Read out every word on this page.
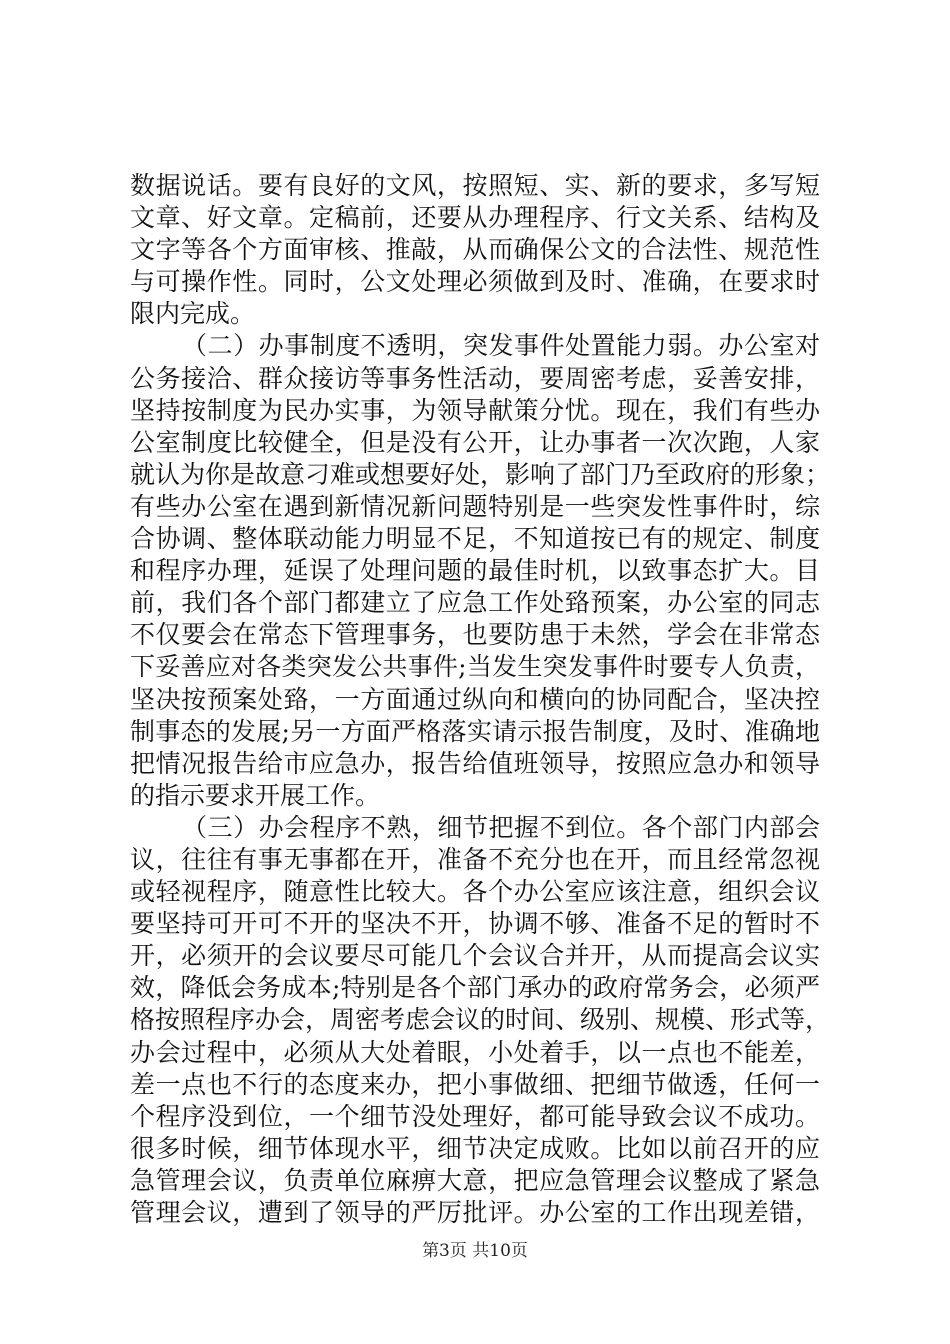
数据说话。要有良好的文风，按照短、实、新的要求，多写短
文章、好文章。定稿前，还要从办理程序、行文关系、结构及
文字等各个方面审核、推敲，从而确保公文的合法性、规范性
与可操作性。同时，公文处理必须做到及时、准确，在要求时
限内完成。
（二）办事制度不透明，突发事件处置能力弱。办公室对
公务接洽、群众接访等事务性活动，要周密考虑，妥善安排，
坚持按制度为民办实事，为领导献策分忧。现在，我们有些办
公室制度比较健全，但是没有公开，让办事者一次次跑，人家
就认为你是故意刁难或想要好处，影响了部门乃至政府的形象；
有些办公室在遇到新情况新问题特别是一些突发性事件时，综
合协调、整体联动能力明显不足，不知道按已有的规定、制度
和程序办理，延误了处理问题的最佳时机，以致事态扩大。目
前，我们各个部门都建立了应急工作处臵预案，办公室的同志
不仅要会在常态下管理事务，也要防患于未然，学会在非常态
下妥善应对各类突发公共事件;当发生突发事件时要专人负责，
坚决按预案处臵，一方面通过纵向和横向的协同配合，坚决控
制事态的发展;另一方面严格落实请示报告制度，及时、准确地
把情况报告给市应急办，报告给值班领导，按照应急办和领导
的指示要求开展工作。
（三）办会程序不熟，细节把握不到位。各个部门内部会
议，往往有事无事都在开，准备不充分也在开，而且经常忽视
或轻视程序，随意性比较大。各个办公室应该注意，组织会议
要坚持可开可不开的坚决不开，协调不够、准备不足的暂时不
开，必须开的会议要尽可能几个会议合并开，从而提高会议实
效，降低会务成本;特别是各个部门承办的政府常务会，必须严
格按照程序办会，周密考虑会议的时间、级别、规模、形式等，
办会过程中，必须从大处着眼，小处着手，以一点也不能差，
差一点也不行的态度来办，把小事做细、把细节做透，任何一
个程序没到位，一个细节没处理好，都可能导致会议不成功。
很多时候，细节体现水平，细节决定成败。比如以前召开的应
急管理会议，负责单位麻痹大意，把应急管理会议整成了紧急
管理会议，遭到了领导的严厉批评。办公室的工作出现差错，
第3页 共10页
